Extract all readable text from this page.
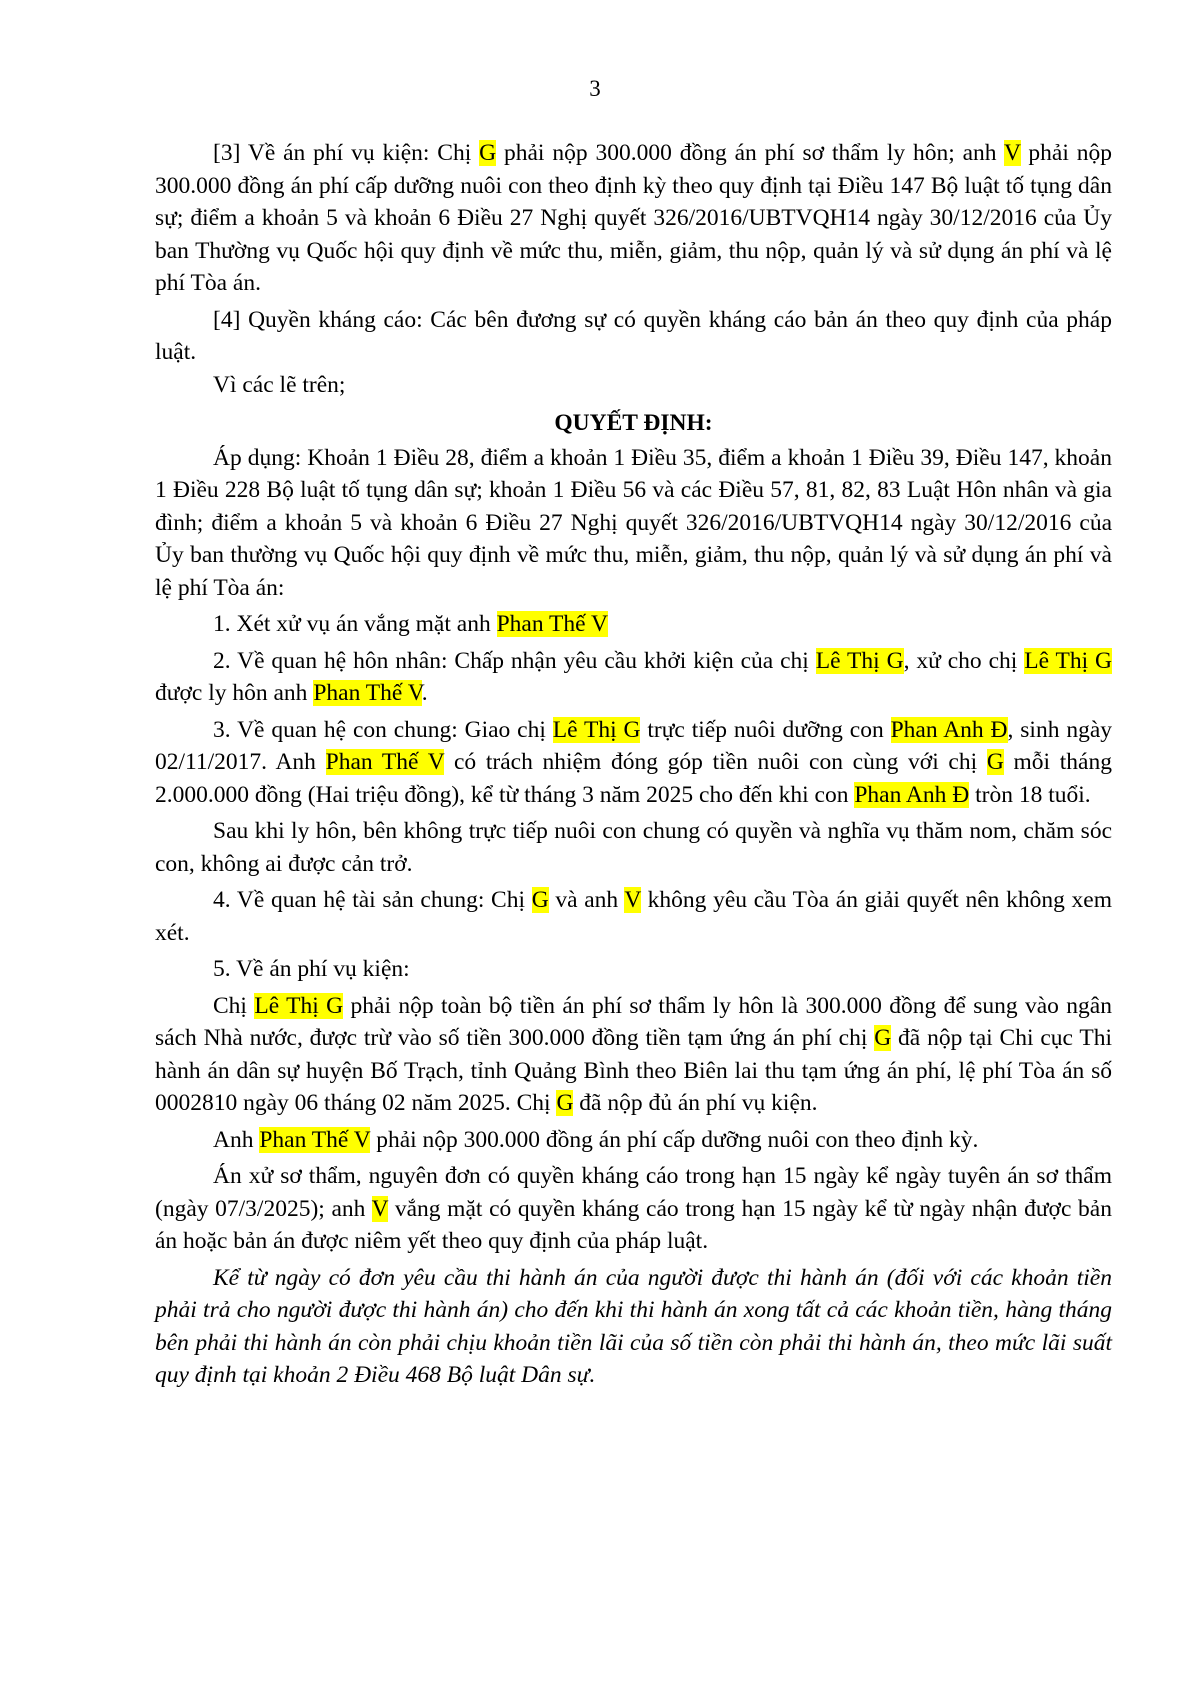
3

[3] Về án phí vụ kiện: Chị G phải nộp 300.000 đồng án phí sơ thẩm ly hôn; anh V phải nộp 300.000 đồng án phí cấp dưỡng nuôi con theo định kỳ theo quy định tại Điều 147 Bộ luật tố tụng dân sự; điểm a khoản 5 và khoản 6 Điều 27 Nghị quyết 326/2016/UBTVQH14 ngày 30/12/2016 của Ủy ban Thường vụ Quốc hội quy định về mức thu, miễn, giảm, thu nộp, quản lý và sử dụng án phí và lệ phí Tòa án.

[4] Quyền kháng cáo: Các bên đương sự có quyền kháng cáo bản án theo quy định của pháp luật.

Vì các lẽ trên;

QUYẾT ĐỊNH:

Áp dụng: Khoản 1 Điều 28, điểm a khoản 1 Điều 35, điểm a khoản 1 Điều 39, Điều 147, khoản 1 Điều 228 Bộ luật tố tụng dân sự; khoản 1 Điều 56 và các Điều 57, 81, 82, 83 Luật Hôn nhân và gia đình; điểm a khoản 5 và khoản 6 Điều 27 Nghị quyết 326/2016/UBTVQH14 ngày 30/12/2016 của Ủy ban thường vụ Quốc hội quy định về mức thu, miễn, giảm, thu nộp, quản lý và sử dụng án phí và lệ phí Tòa án:

1. Xét xử vụ án vắng mặt anh Phan Thế V

2. Về quan hệ hôn nhân: Chấp nhận yêu cầu khởi kiện của chị Lê Thị G, xử cho chị Lê Thị G được ly hôn anh Phan Thế V.

3. Về quan hệ con chung: Giao chị Lê Thị G trực tiếp nuôi dưỡng con Phan Anh Đ, sinh ngày 02/11/2017. Anh Phan Thế V có trách nhiệm đóng góp tiền nuôi con cùng với chị G mỗi tháng 2.000.000 đồng (Hai triệu đồng), kể từ tháng 3 năm 2025 cho đến khi con Phan Anh Đ tròn 18 tuổi.

Sau khi ly hôn, bên không trực tiếp nuôi con chung có quyền và nghĩa vụ thăm nom, chăm sóc con, không ai được cản trở.

4. Về quan hệ tài sản chung: Chị G và anh V không yêu cầu Tòa án giải quyết nên không xem xét.

5. Về án phí vụ kiện:

Chị Lê Thị G phải nộp toàn bộ tiền án phí sơ thẩm ly hôn là 300.000 đồng để sung vào ngân sách Nhà nước, được trừ vào số tiền 300.000 đồng tiền tạm ứng án phí chị G đã nộp tại Chi cục Thi hành án dân sự huyện Bố Trạch, tỉnh Quảng Bình theo Biên lai thu tạm ứng án phí, lệ phí Tòa án số 0002810 ngày 06 tháng 02 năm 2025. Chị G đã nộp đủ án phí vụ kiện.

Anh Phan Thế V phải nộp 300.000 đồng án phí cấp dưỡng nuôi con theo định kỳ.

Án xử sơ thẩm, nguyên đơn có quyền kháng cáo trong hạn 15 ngày kể ngày tuyên án sơ thẩm (ngày 07/3/2025); anh V vắng mặt có quyền kháng cáo trong hạn 15 ngày kể từ ngày nhận được bản án hoặc bản án được niêm yết theo quy định của pháp luật.

Kể từ ngày có đơn yêu cầu thi hành án của người được thi hành án (đối với các khoản tiền phải trả cho người được thi hành án) cho đến khi thi hành án xong tất cả các khoản tiền, hàng tháng bên phải thi hành án còn phải chịu khoản tiền lãi của số tiền còn phải thi hành án, theo mức lãi suất quy định tại khoản 2 Điều 468 Bộ luật Dân sự.
